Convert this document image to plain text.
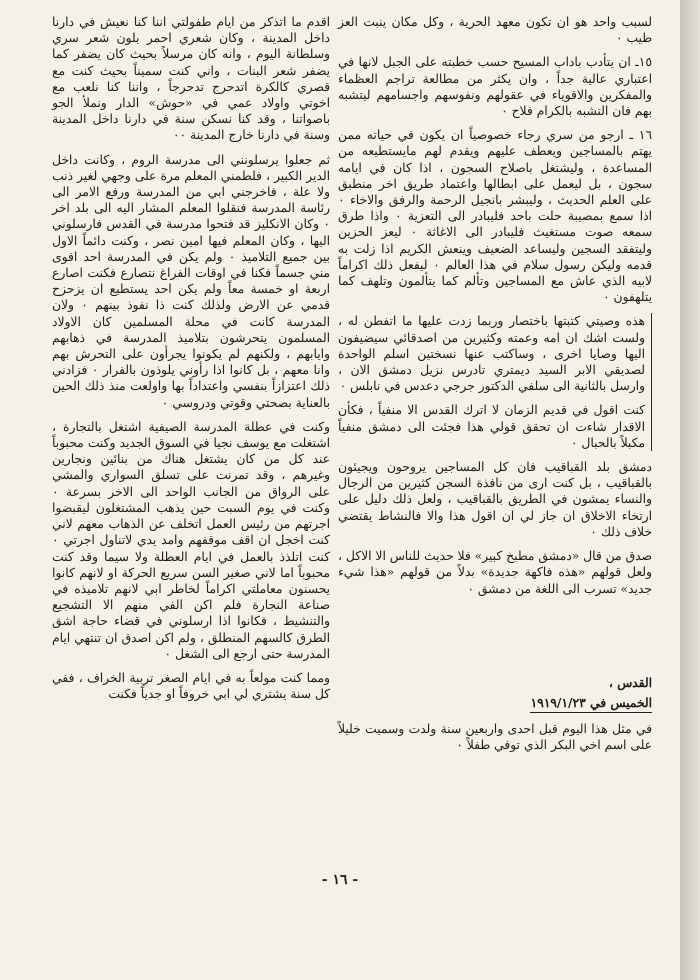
لسبب واحد هو ان تكون معهد الحرية ، وكل مكان ينبت العز طيب ٠

١٥ـ ان يتأدب باداب المسيح حسب خطبته على الجبل لانها في اعتباري عالية جداً ، وان يكثر من مطالعة تراجم العظماء والمفكرين والاقوياء في عقولهم ونفوسهم واجسامهم ليتشبه بهم فان التشبه بالكرام فلاح ٠

١٦ ـ ارجو من سري رجاء خصوصياً ان يكون في حياته ممن يهتم بالمساجين ويعطف عليهم ويقدم لهم مايستطيعه من المساعدة ، وليشتغل باصلاح السجون ، اذا كان في ايامه سجون ، بل ليعمل على ابطالها واعتماد طريق اخر منطبق على العلم الحديث ، وليبشر بانجيل الرحمة والرفق والاخاء ٠ اذا سمع بمصيبة حلت باحد فليبادر الى التعزية ٠ واذا طرق سمعه صوت مستغيث فليبادر الى الاغاثة ٠ ليعز الحزين وليتفقد السجين وليساعد الضعيف وينعش الكريم اذا زلت به قدمه وليكن رسول سلام في هذا العالم ٠ ليفعل ذلك اكراماً لابيه الذي عاش مع المساجين وتألم كما يتألمون وتلهف كما يتلهفون ٠

هذه وصيتي كتبتها باختصار وربما زدت عليها ما اتفطن له ، ولست اشك ان امه وعمته وكثيرين من اصدقائي سيضيفون اليها وصايا اخرى ، وساكتب عنها نسختين اسلم الواحدة لصديقي الابر السيد ديمتري تادرس نزيل دمشق الان ، وارسل بالثانية الى سلفي الدكتور جرجي دعدس في نابلس ٠

كنت اقول في قديم الزمان لا اترك القدس الا منفياً ، فكأن الاقدار شاءت ان تحقق قولي هذا فجئت الى دمشق منفياً مكبلاً بالحبال ٠

دمشق بلد القباقيب فان كل المساجين يروحون ويجيئون بالقباقيب ، بل كنت ارى من نافذة السجن كثيرين من الرجال والنساء يمشون في الطريق بالقباقيب ، ولعل ذلك دليل على ارتخاء الاخلاق ان جاز لي ان اقول هذا والا فالنشاط يقتضي خلاف ذلك ٠

صدق من قال «دمشق مطبخ كبير» فلا حديث للناس الا الاكل ، ولعل قولهم «هذه فاكهة جديدة» بدلاً من قولهم «هذا شيء جديد» تسرب الى اللغة من دمشق ٠

القدس ،
الخميس في ١٩١٩/١/٢٣

في مثل هذا اليوم قبل احدى واربعين سنة ولدت وسميت خليلاً على اسم اخي البكر الذي توفي طفلاً ٠

اقدم ما اتذكر من ايام طفولتي اننا كنا نعيش في دارنا داخل المدينة ، وكان شعري احمر بلون شعر سري وسلطانة اليوم ، وانه كان مرسلاً بحيث كان يضفر كما يضفر شعر البنات ، واني كنت سميناً بحيث كنت مع قصري كالكرة اتدحرج تدحرجاً ، واننا كنا نلعب مع اخوتي واولاد عمي في «حوش» الدار ونملأ الجو باصواتنا ، وقد كنا نسكن سنة في دارنا داخل المدينة وسنة في دارنا خارج المدينة ٠٠

ثم جعلوا يرسلونني الى مدرسة الروم ، وكانت داخل الدير الكبير ، فلطمني المعلم مرة على وجهي لغير ذنب ولا علة ، فاخرجني ابي من المدرسة ورفع الامر الى رئاسة المدرسة فنقلوا المعلم المشار اليه الى بلد اخر ٠ وكان الانكليز قد فتحوا مدرسة في القدس فارسلوني اليها ، وكان المعلم فيها امين نصر ، وكنت دائماً الاول بين جميع التلاميذ ٠ ولم يكن في المدرسة احد اقوى مني جسماً فكنا في اوقات الفراغ نتصارع فكنت اصارع اربعة او خمسة معاً ولم يكن احد يستطيع ان يزحزح قدمي عن الارض ولذلك كنت ذا نفوذ بينهم ٠ ولان المدرسة كانت في محلة المسلمين كان الاولاد المسلمون يتحرشون بتلاميذ المدرسة في ذهابهم وايابهم ، ولكنهم لم يكونوا يجرأون على التحرش بهم وانا معهم ، بل كانوا اذا رأوني يلوذون بالفرار ٠ فزادني ذلك اعتزازاً بنفسي واعتداداً بها واولعت منذ ذلك الحين بالعناية بصحتي وقوتي ودروسي ٠

وكنت في عطلة المدرسة الصيفية اشتغل بالتجارة ، اشتغلت مع يوسف نجيا في السوق الجديد وكنت محبوباً عند كل من كان يشتغل هناك من بنائين ونجارين وغيرهم ، وقد تمرنت على تسلق السواري والمشي على الرواق من الجانب الواحد الى الاخر بسرعة ٠ وكنت في يوم السبت حين يذهب المشتغلون ليقبضوا اجرتهم من رئيس العمل اتخلف عن الذهاب معهم لاني كنت اخجل ان اقف موقفهم وامد يدي لاتناول اجرتي ٠ كنت اتلذذ بالعمل في ايام العطلة ولا سيما وقد كنت محبوباً اما لاني صغير السن سريع الحركة او لانهم كانوا يحسنون معاملتي اكراماً لخاطر ابي لانهم تلاميذه في صناعة النجارة فلم اكن الفي منهم الا التشجيع والتنشيط ، فكانوا اذا ارسلوني في قضاء حاجة اشق الطرق كالسهم المنطلق ، ولم اكن اصدق ان تنتهي ايام المدرسة حتى ارجع الى الشغل ٠

ومما كنت مولعاً به في ايام الصغر تربية الخراف ، ففي كل سنة يشتري لي ابي خروفاً او جدياً فكنت

- ١٦ -
